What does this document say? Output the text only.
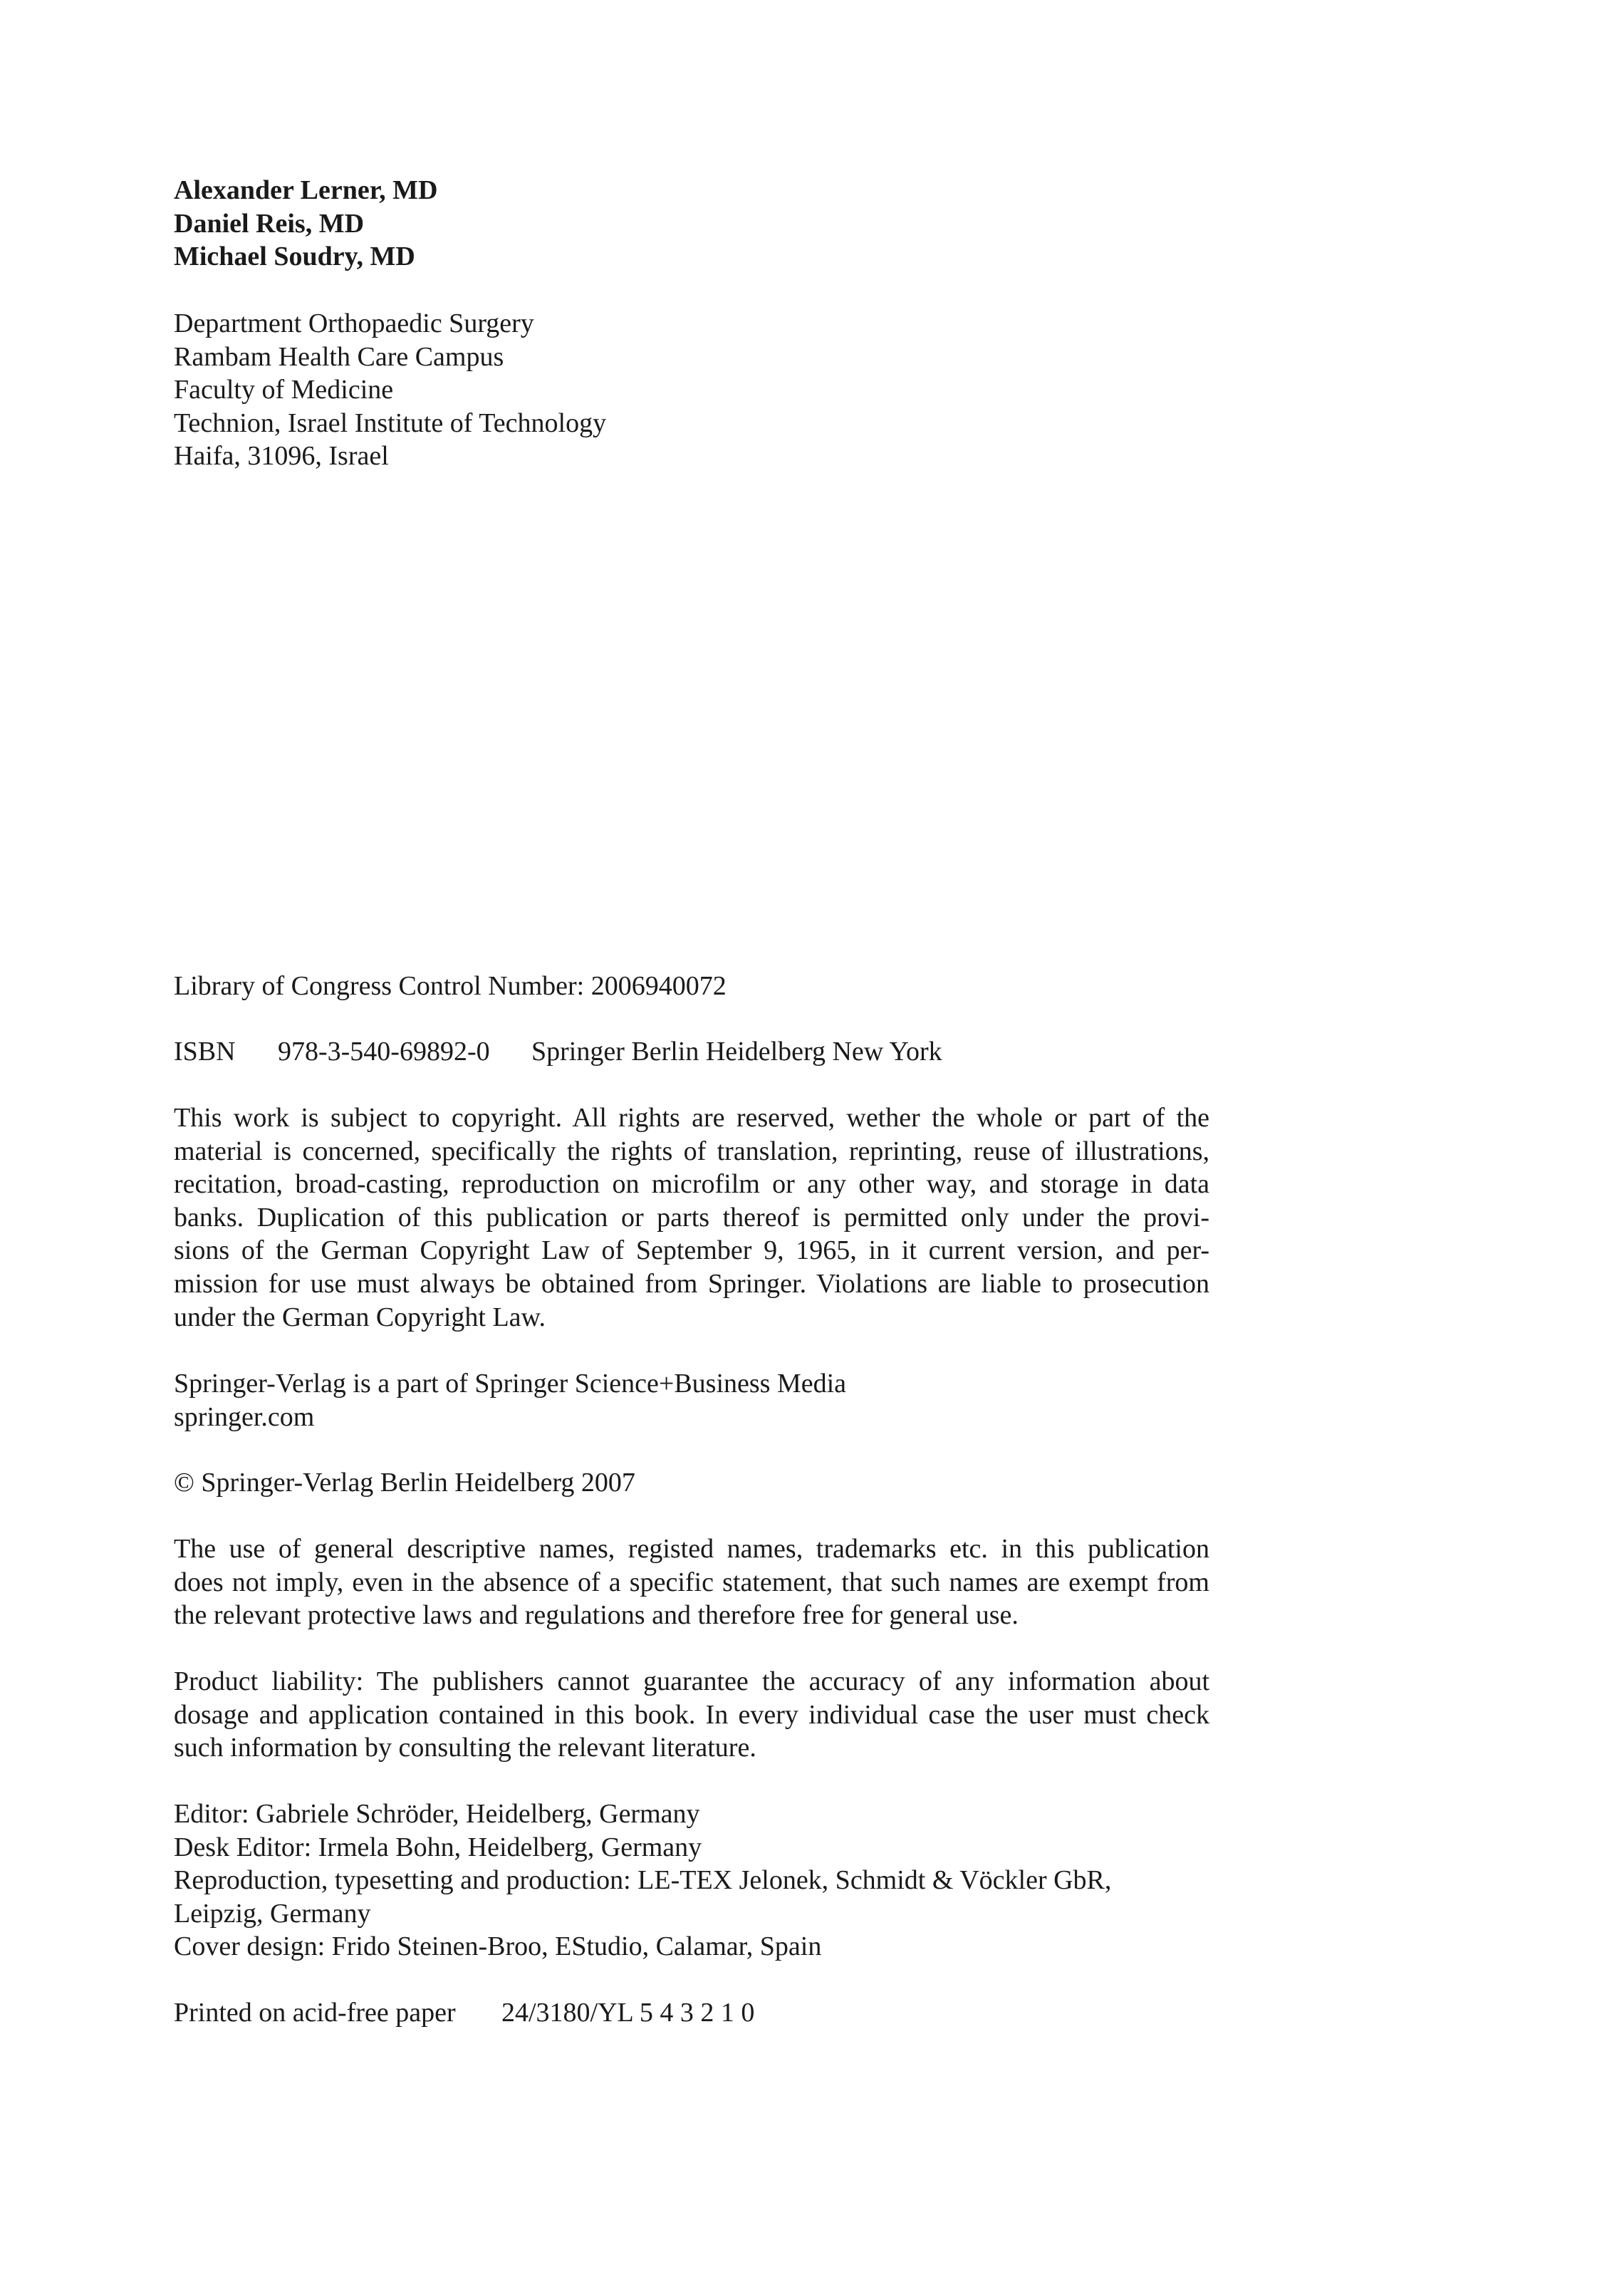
Alexander Lerner, MD
Daniel Reis, MD
Michael Soudry, MD
Department Orthopaedic Surgery
Rambam Health Care Campus
Faculty of Medicine
Technion, Israel Institute of Technology
Haifa, 31096, Israel
Library of Congress Control Number: 2006940072
ISBN 978-3-540-69892-0 Springer Berlin Heidelberg New York
This work is subject to copyright. All rights are reserved, wether the whole or part of the
material is concerned, specifically the rights of translation, reprinting, reuse of illustrations,
recitation, broad-casting, reproduction on microfilm or any other way, and storage in data
banks. Duplication of this publication or parts thereof is permitted only under the provi-
sions of the German Copyright Law of September 9, 1965, in it current version, and per-
mission for use must always be obtained from Springer. Violations are liable to prosecution
under the German Copyright Law.
Springer-Verlag is a part of Springer Science+Business Media
springer.com
© Springer-Verlag Berlin Heidelberg 2007
The use of general descriptive names, registed names, trademarks etc. in this publication
does not imply, even in the absence of a specific statement, that such names are exempt from
the relevant protective laws and regulations and therefore free for general use.
Product liability: The publishers cannot guarantee the accuracy of any information about
dosage and application contained in this book. In every individual case the user must check
such information by consulting the relevant literature.
Editor: Gabriele Schröder, Heidelberg, Germany
Desk Editor: Irmela Bohn, Heidelberg, Germany
Reproduction, typesetting and production: LE-TEX Jelonek, Schmidt & Vöckler GbR,
Leipzig, Germany
Cover design: Frido Steinen-Broo, EStudio, Calamar, Spain
Printed on acid-free paper 24/3180/YL 5 4 3 2 1 0
